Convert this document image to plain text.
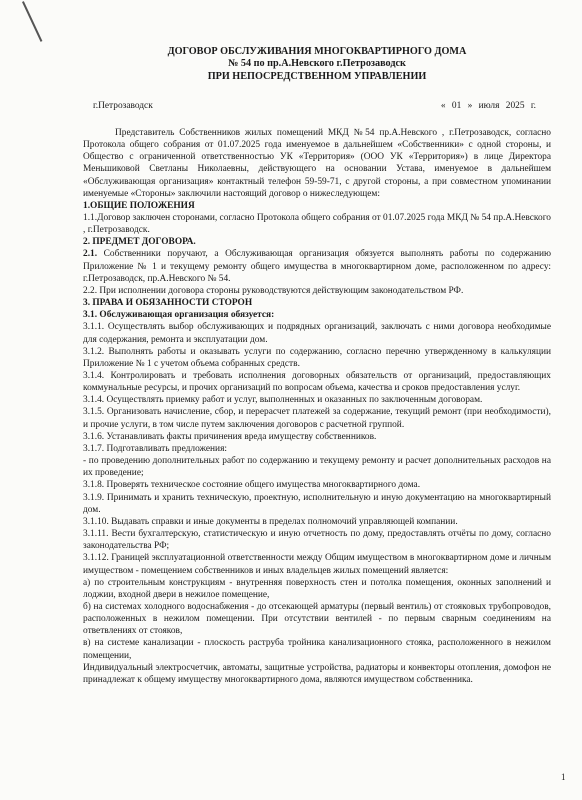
ДОГОВОР ОБСЛУЖИВАНИЯ МНОГОКВАРТИРНОГО ДОМА
№ 54 по пр.А.Невского г.Петрозаводск
ПРИ НЕПОСРЕДСТВЕННОМ УПРАВЛЕНИИ
г.Петрозаводск	« 01 » июля 2025 г.

Представитель Собственников жилых помещений МКД №54 пр.А.Невского , г.Петрозаводск, согласно Протокола общего собрания от 01.07.2025 года именуемое в дальнейшем «Собственники» с одной стороны, и Общество с ограниченной ответственностью УК «Территория» (ООО УК «Территория») в лице Директора Меньшиковой Светланы Николаевны, действующего на основании Устава, именуемое в дальнейшем «Обслуживающая организация» контактный телефон 59-59-71, с другой стороны, а при совместном упоминании именуемые «Стороны» заключили настоящий договор о нижеследующем:

1.ОБЩИЕ ПОЛОЖЕНИЯ

1.1.Договор заключен сторонами, согласно Протокола общего собрания от 01.07.2025 года МКД № 54 пр.А.Невского , г.Петрозаводск.

2. ПРЕДМЕТ ДОГОВОРА.

2.1. Собственники поручают, а Обслуживающая организация обязуется выполнять работы по содержанию Приложение № 1 и текущему ремонту общего имущества в многоквартирном доме, расположенном по адресу: г.Петрозаводск, пр.А.Невского № 54.

2.2. При исполнении договора стороны руководствуются действующим законодательством РФ.

3. ПРАВА И ОБЯЗАННОСТИ СТОРОН

3.1. Обслуживающая организация обязуется:

3.1.1. Осуществлять выбор обслуживающих и подрядных организаций, заключать с ними договора необходимые для содержания, ремонта и эксплуатации дом.

3.1.2. Выполнять работы и оказывать услуги по содержанию, согласно перечню утвержденному в калькуляции Приложение № 1 с учетом объема собранных средств.

3.1.4. Контролировать и требовать исполнения договорных обязательств от организаций, предоставляющих коммунальные ресурсы, и прочих организаций по вопросам объема, качества и сроков предоставления услуг.

3.1.4. Осуществлять приемку работ и услуг, выполненных и оказанных по заключенным договорам.

3.1.5. Организовать начисление, сбор, и перерасчет платежей за содержание, текущий ремонт (при необходимости), и прочие услуги, в том числе путем заключения договоров с расчетной группой.

3.1.6. Устанавливать факты причинения вреда имуществу собственников.

3.1.7. Подготавливать предложения:

- по проведению дополнительных работ по содержанию и текущему ремонту и расчет дополнительных расходов на их проведение;

3.1.8. Проверять техническое состояние общего имущества многоквартирного дома.

3.1.9. Принимать и хранить техническую, проектную, исполнительную и иную документацию на многоквартирный дом.

3.1.10. Выдавать справки и иные документы в пределах полномочий управляющей компании.

3.1.11. Вести бухгалтерскую, статистическую и иную отчетность по дому, предоставлять отчёты по дому, согласно законодательства РФ;

3.1.12. Границей эксплуатационной ответственности между Общим имуществом в многоквартирном доме и личным имуществом - помещением собственников и иных владельцев жилых помещений является:

а) по строительным конструкциям - внутренняя поверхность стен и потолка помещения, оконных заполнений и лоджии, входной двери в нежилое помещение,

б) на системах холодного водоснабжения - до отсекающей арматуры (первый вентиль) от стояковых трубопроводов, расположенных в нежилом помещении. При отсутствии вентилей - по первым сварным соединениям на ответвлениях от стояков,

в) на системе канализации - плоскость раструба тройника канализационного стояка, расположенного в нежилом помещении,

Индивидуальный электросчетчик, автоматы, защитные устройства, радиаторы и конвекторы отопления, домофон не принадлежат к общему имуществу многоквартирного дома, являются имуществом собственника.

1
